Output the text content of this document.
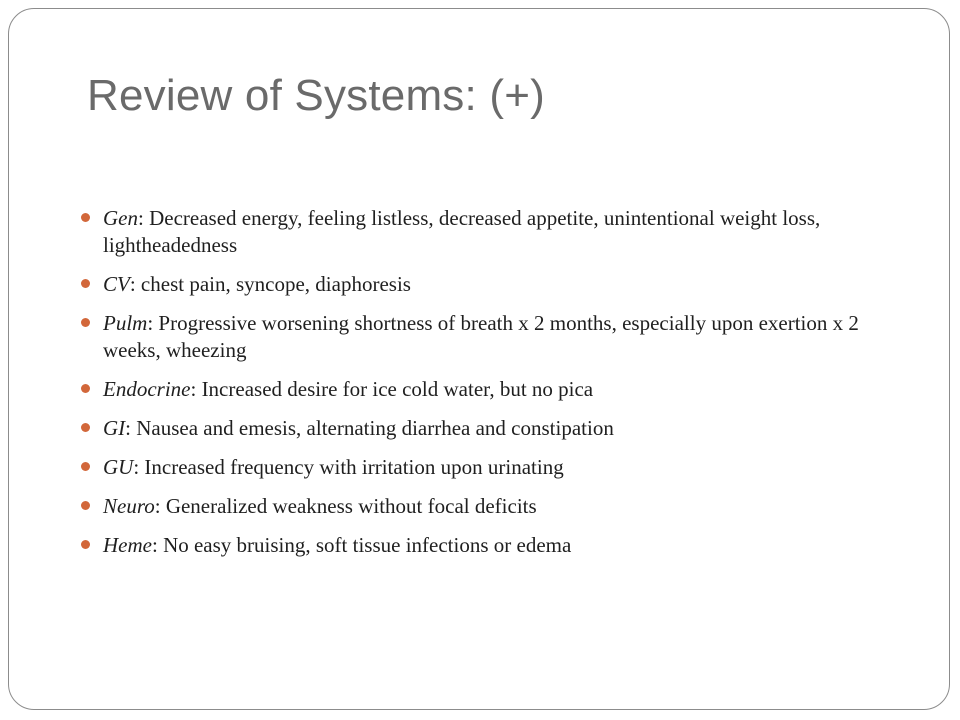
Review of Systems: (+)
Gen: Decreased energy, feeling listless, decreased appetite, unintentional weight loss, lightheadedness
CV: chest pain, syncope, diaphoresis
Pulm: Progressive worsening shortness of breath x 2 months, especially upon exertion x 2 weeks, wheezing
Endocrine: Increased desire for ice cold water, but no pica
GI: Nausea and emesis, alternating diarrhea and constipation
GU: Increased frequency with irritation upon urinating
Neuro: Generalized weakness without focal deficits
Heme: No easy bruising, soft tissue infections or edema
